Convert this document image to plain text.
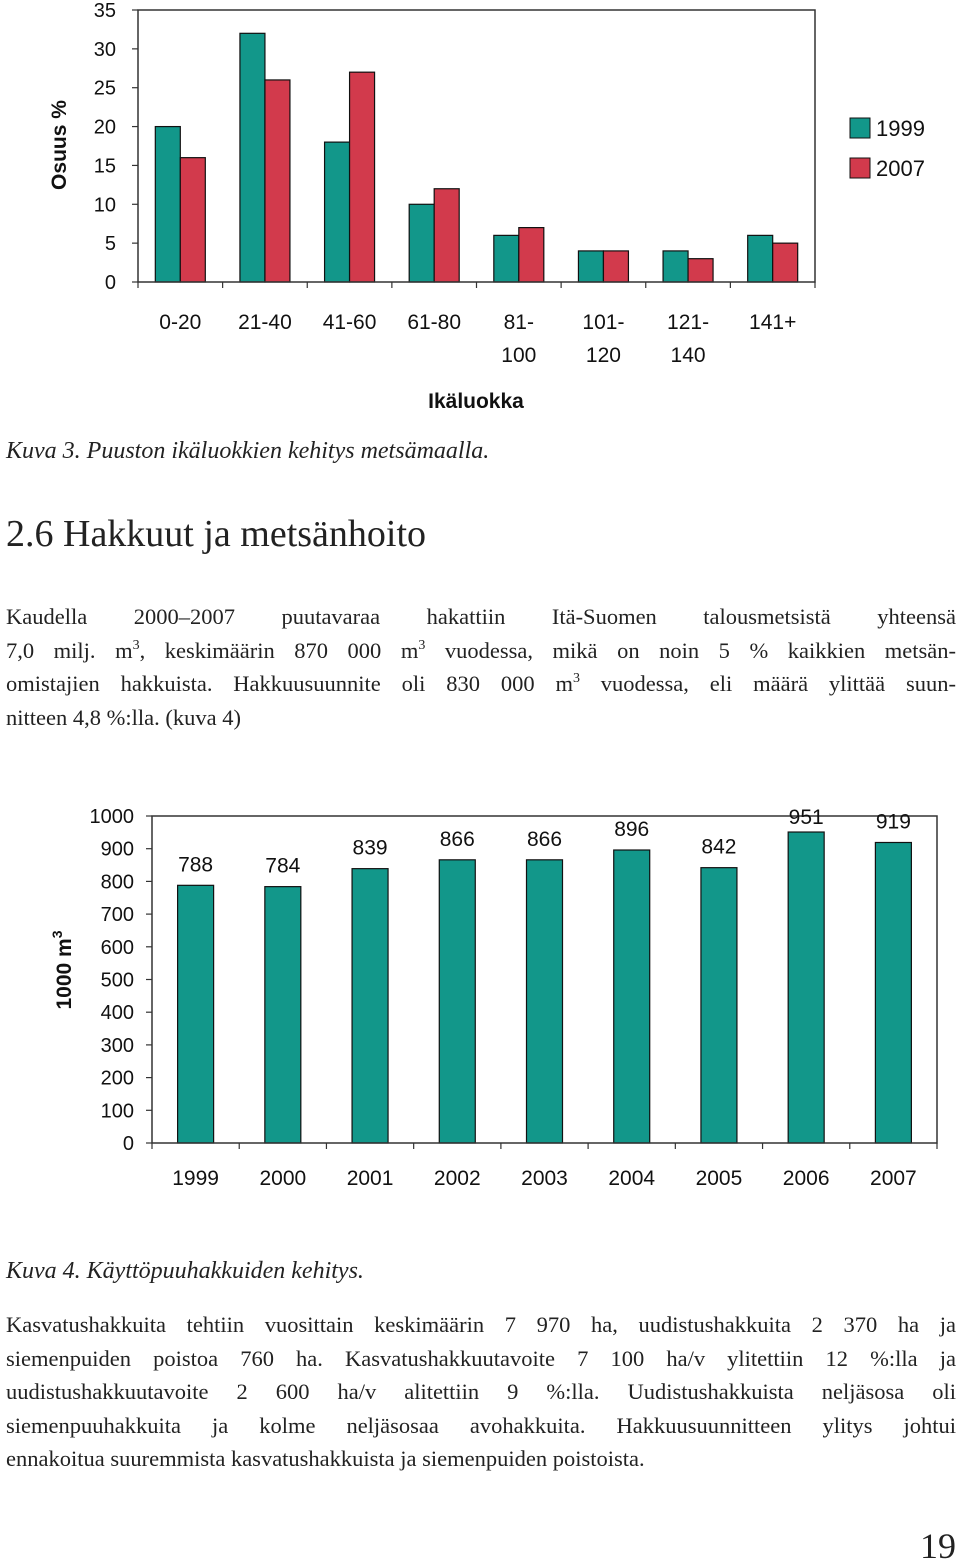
Osuus %
0
5
10
15
20
25
30
35
0-20 21-40 41-60 61-80 81-
100
101-
120
121-
140
141+
Ikäluokka
1999
2007
Kuva 3. Puuston ikäluokkien kehitys metsämaalla.
2.6 Hakkuut ja metsänhoito
Kaudella 2000–2007 puutavaraa hakattiin Itä-Suomen talousmetsistä yhteensä
7,0 milj. $m^3$, keskimäärin 870 000 $m^3$ vuodessa, mikä on noin 5 % kaikkien metsän-
omistajien hakkuista. Hakkuusuunnite oli 830 000 $m^3$ vuodessa, eli määrä ylittää suun-
nitteen 4,8 %:lla. (kuva 4)
1000 $m^3$
0
100
200
300
400
500
600
700
800
900
1000
788 784
839 866 866 896
842
951 919
1999 2000 2001 2002 2003 2004 2005 2006 2007
Kuva 4. Käyttöpuuhakkuiden kehitys.
Kasvatushakkuita tehtiin vuosittain keskimäärin 7 970 ha, uudistushakkuita 2 370 ha ja
siemenpuiden poistoa 760 ha. Kasvatushakkuutavoite 7 100 ha/v ylitettiin 12 %:lla ja
uudistushakkuutavoite 2 600 ha/v alitettiin 9 %:lla. Uudistushakkuista neljäsosa oli
siemenpuuhakkuita ja kolme neljäsosaa avohakkuita. Hakkuusuunnitteen ylitys johtui
ennakoitua suuremmista kasvatushakkuista ja siemenpuiden poistoista.
19
